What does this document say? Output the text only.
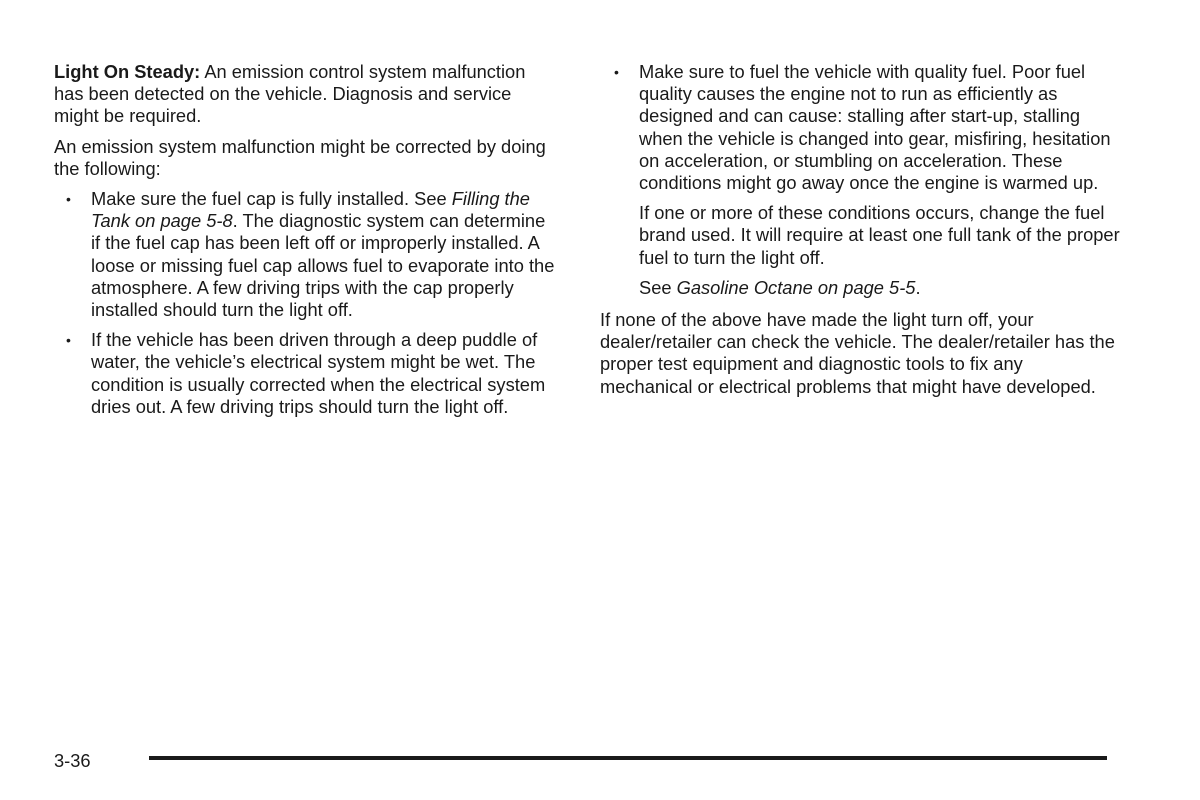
Light On Steady: An emission control system malfunction has been detected on the vehicle. Diagnosis and service might be required.

An emission system malfunction might be corrected by doing the following:

• Make sure the fuel cap is fully installed. See Filling the Tank on page 5-8. The diagnostic system can determine if the fuel cap has been left off or improperly installed. A loose or missing fuel cap allows fuel to evaporate into the atmosphere. A few driving trips with the cap properly installed should turn the light off.
• If the vehicle has been driven through a deep puddle of water, the vehicle’s electrical system might be wet. The condition is usually corrected when the electrical system dries out. A few driving trips should turn the light off.
• Make sure to fuel the vehicle with quality fuel. Poor fuel quality causes the engine not to run as efficiently as designed and can cause: stalling after start-up, stalling when the vehicle is changed into gear, misfiring, hesitation on acceleration, or stumbling on acceleration. These conditions might go away once the engine is warmed up.

If one or more of these conditions occurs, change the fuel brand used. It will require at least one full tank of the proper fuel to turn the light off.

See Gasoline Octane on page 5-5.

If none of the above have made the light turn off, your dealer/retailer can check the vehicle. The dealer/retailer has the proper test equipment and diagnostic tools to fix any mechanical or electrical problems that might have developed.

3-36
